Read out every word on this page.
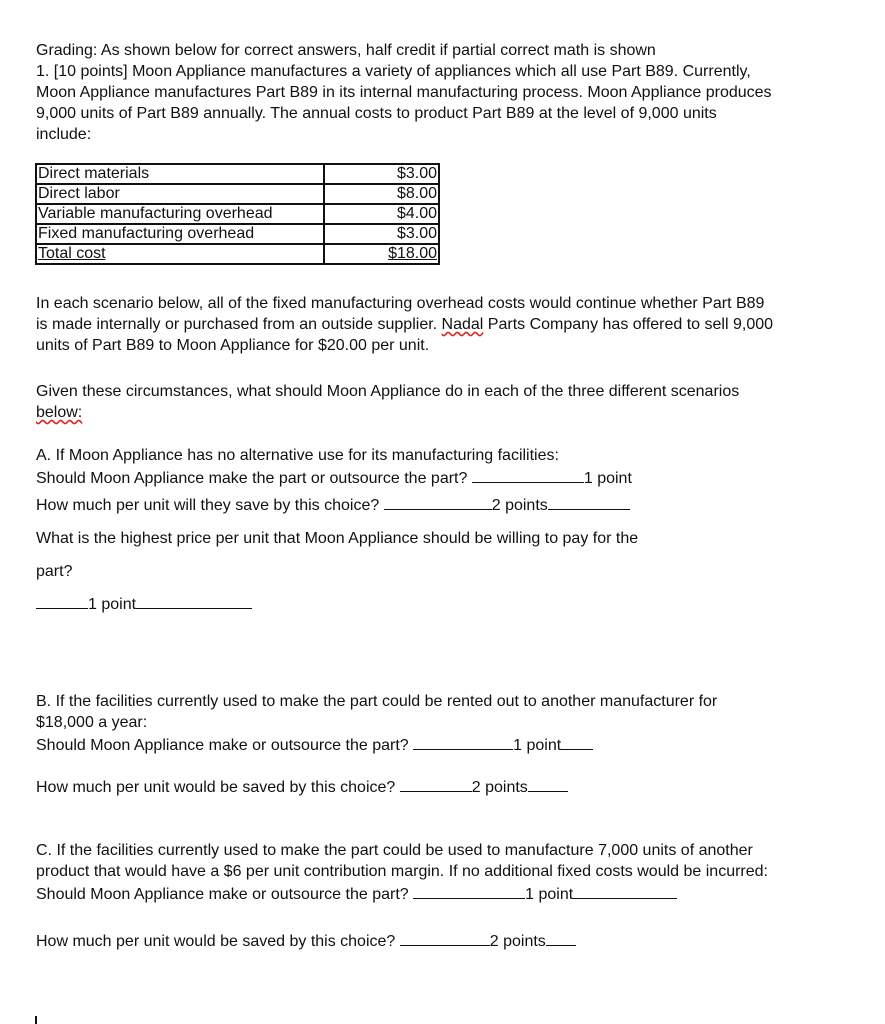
Grading: As shown below for correct answers, half credit if partial correct math is shown

1. [10 points] Moon Appliance manufactures a variety of appliances which all use Part B89. Currently, Moon Appliance manufactures Part B89 in its internal manufacturing process. Moon Appliance produces 9,000 units of Part B89 annually. The annual costs to product Part B89 at the level of 9,000 units include:

Direct materials	$3.00
Direct labor	$8.00
Variable manufacturing overhead	$4.00
Fixed manufacturing overhead	$3.00
Total cost	$18.00

In each scenario below, all of the fixed manufacturing overhead costs would continue whether Part B89 is made internally or purchased from an outside supplier. Nadal Parts Company has offered to sell 9,000 units of Part B89 to Moon Appliance for $20.00 per unit.

Given these circumstances, what should Moon Appliance do in each of the three different scenarios below:

A. If Moon Appliance has no alternative use for its manufacturing facilities:

Should Moon Appliance make the part or outsource the part?	1 point
How much per unit will they save by this choice?	2 points
What is the highest price per unit that Moon Appliance should be willing to pay for the
part?
1 point

B. If the facilities currently used to make the part could be rented out to another manufacturer for $18,000 a year:

Should Moon Appliance make or outsource the part?	1 point
How much per unit would be saved by this choice?	2 points

C. If the facilities currently used to make the part could be used to manufacture 7,000 units of another product that would have a $6 per unit contribution margin. If no additional fixed costs would be incurred:

Should Moon Appliance make or outsource the part?	1 point
How much per unit would be saved by this choice?	2 points
